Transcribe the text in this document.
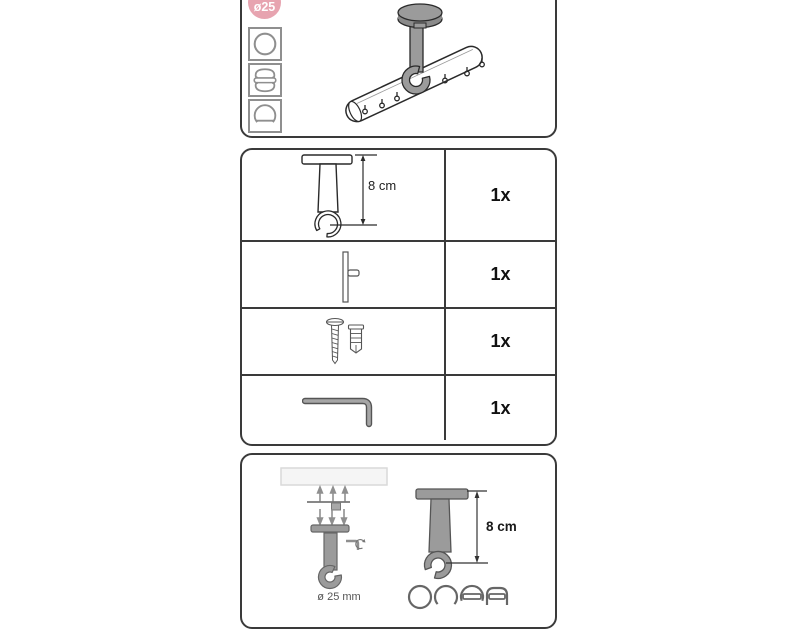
ø25
8 cm	1x
1x
1x
1x
ø 25 mm
8 cm
